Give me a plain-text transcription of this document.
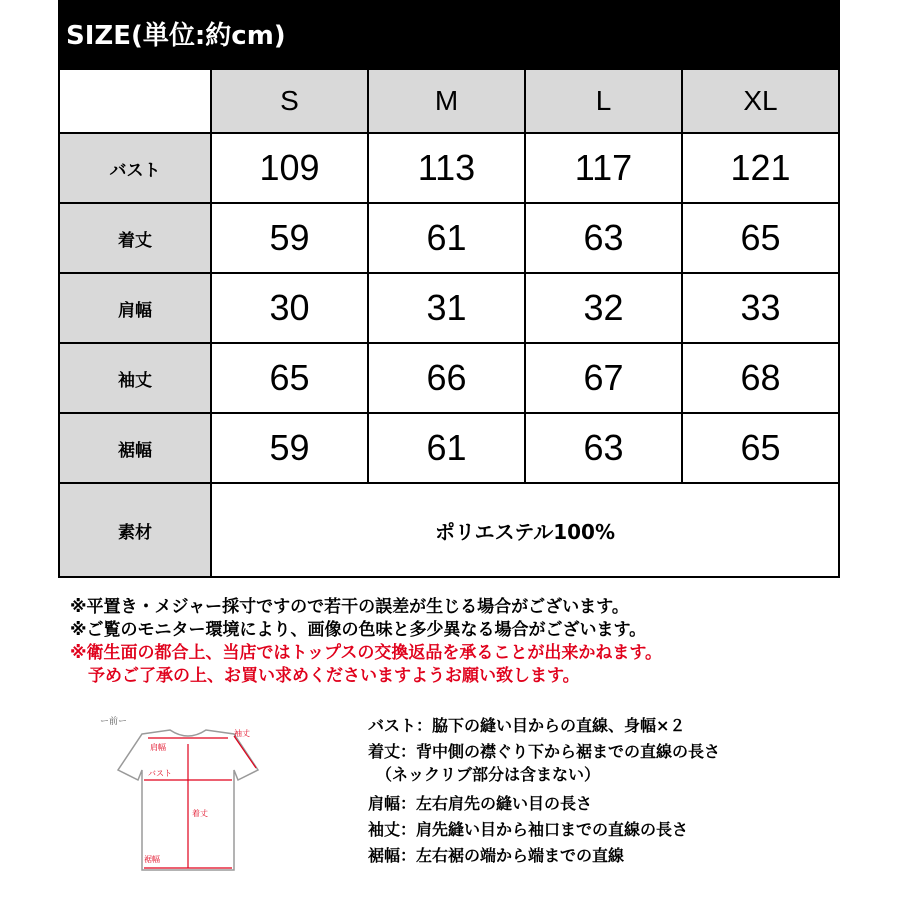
SIZE(単位:約cm)
S	M	L	XL
バスト	109	113	117	121
着丈	59	61	63	65
肩幅	30	31	32	33
袖丈	65	66	67	68
裾幅	59	61	63	65
素材	ポリエステル100%
※平置き・メジャー採寸ですので若干の誤差が生じる場合がございます。
※ご覧のモニター環境により、画像の色味と多少異なる場合がございます。
※衛生面の都合上、当店ではトップスの交換返品を承ることが出来かねます。
予めご了承の上、お買い求めくださいますようお願い致します。
ー前ー
肩幅
袖丈
バスト
着丈
裾幅
バスト：脇下の縫い目からの直線、身幅×２
着丈：背中側の襟ぐり下から裾までの直線の長さ
（ネックリブ部分は含まない）
肩幅：左右肩先の縫い目の長さ
袖丈：肩先縫い目から袖口までの直線の長さ
裾幅：左右裾の端から端までの直線
